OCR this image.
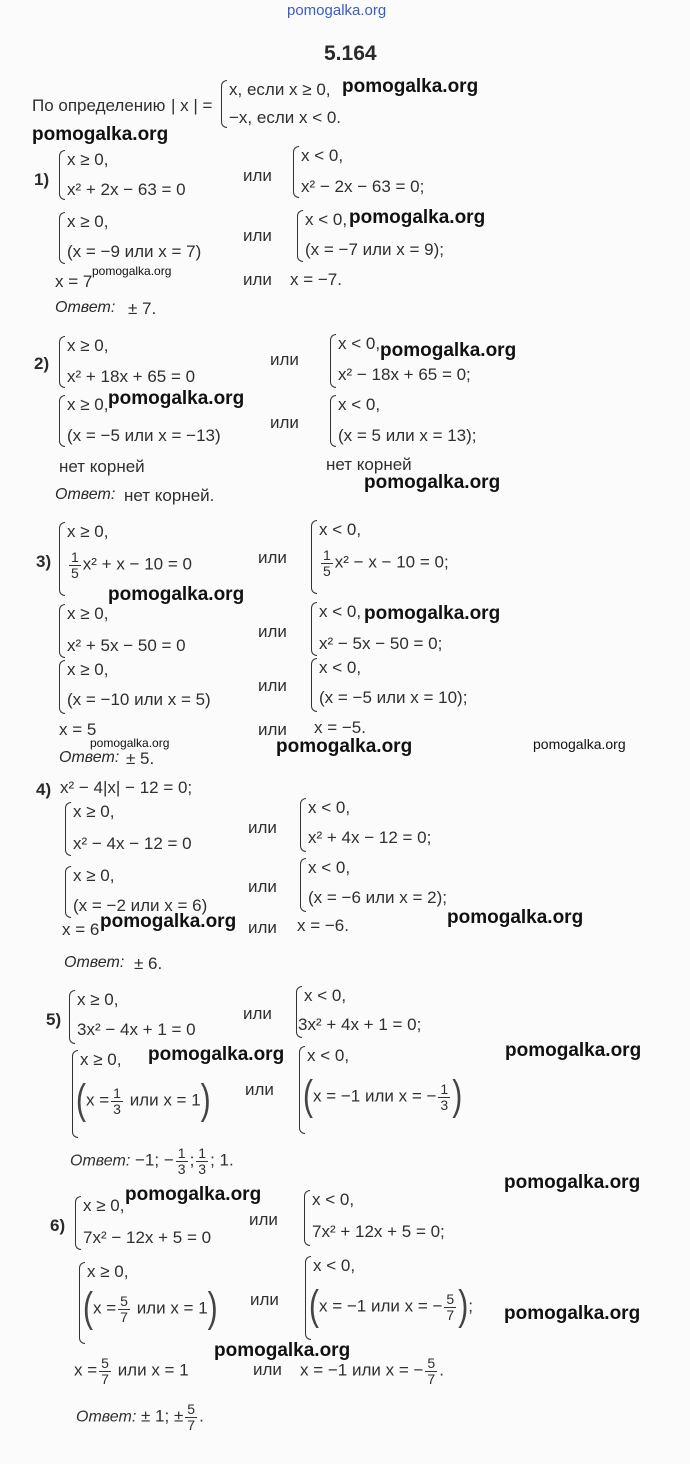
pomogalka.org
pomogalka.org
pomogalka.org
pomogalka.org
pomogalka.org
pomogalka.org
pomogalka.org
pomogalka.org
pomogalka.org
pomogalka.org
pomogalka.org	pomogalka.org	pomogalka.org
pomogalka.org	pomogalka.org
pomogalka.org	pomogalka.org
pomogalka.org
pomogalka.org
pomogalka.org
pomogalka.org
5.164
По определению | x | =
x, если x ≥ 0,
−x, если x < 0.
1)
x ≥ 0,
x² + 2x − 63 = 0
или
x < 0,
x² − 2x − 63 = 0;
x ≥ 0,
(x = −9 или x = 7)
или
x < 0,
(x = −7 или x = 9);
x = 7	или x = −7.
Ответ: ± 7.
2)
x ≥ 0,
x² + 18x + 65 = 0
или
x < 0,
x² − 18x + 65 = 0;
x ≥ 0,
(x = −5 или x = −13)
или
x < 0,
(x = 5 или x = 13);
нет корней	нет корней
Ответ: нет корней.
3)
x ≥ 0,
$\frac{1}{5} x^2 + x - 10 = 0$	или
x < 0,
$\frac{1}{5} x^2 - x - 10 = 0$;
x ≥ 0,
x² + 5x − 50 = 0
или
x < 0,
x² − 5x − 50 = 0;
x ≥ 0,
(x = −10 или x = 5)
или
x < 0,
(x = −5 или x = 10);
x = 5	или x = −5.
Ответ: ± 5.
4) x² − 4|x| − 12 = 0;
x ≥ 0,
x² − 4x − 12 = 0
или
x < 0,
x² + 4x − 12 = 0;
x ≥ 0,
(x = −2 или x = 6)
или
x < 0,
(x = −6 или x = 2);
x = 6	или x = −6.
Ответ: ± 6.
5)
x ≥ 0,
3x² − 4x + 1 = 0
или
x < 0,
3x² + 4x + 1 = 0;
x ≥ 0,
($x = \frac{1}{3}$ или x = 1) или
x < 0,
(x = −1 или x = − $\frac{1}{3}$ )
Ответ: −1; − $\frac{1}{3}$ ; $\frac{1}{3}$ ; 1.
6)
x ≥ 0,
7x² − 12x + 5 = 0
или
x < 0,
7x² + 12x + 5 = 0;
x ≥ 0,
($x = \frac{5}{7}$ или x = 1) или
x < 0,
(x = −1 или x = − $\frac{5}{7}$ );
$x = \frac{5}{7}$ или x = 1	или x = −1 или x = − $\frac{5}{7}$ .
Ответ: ± 1; ± $\frac{5}{7}$ .
